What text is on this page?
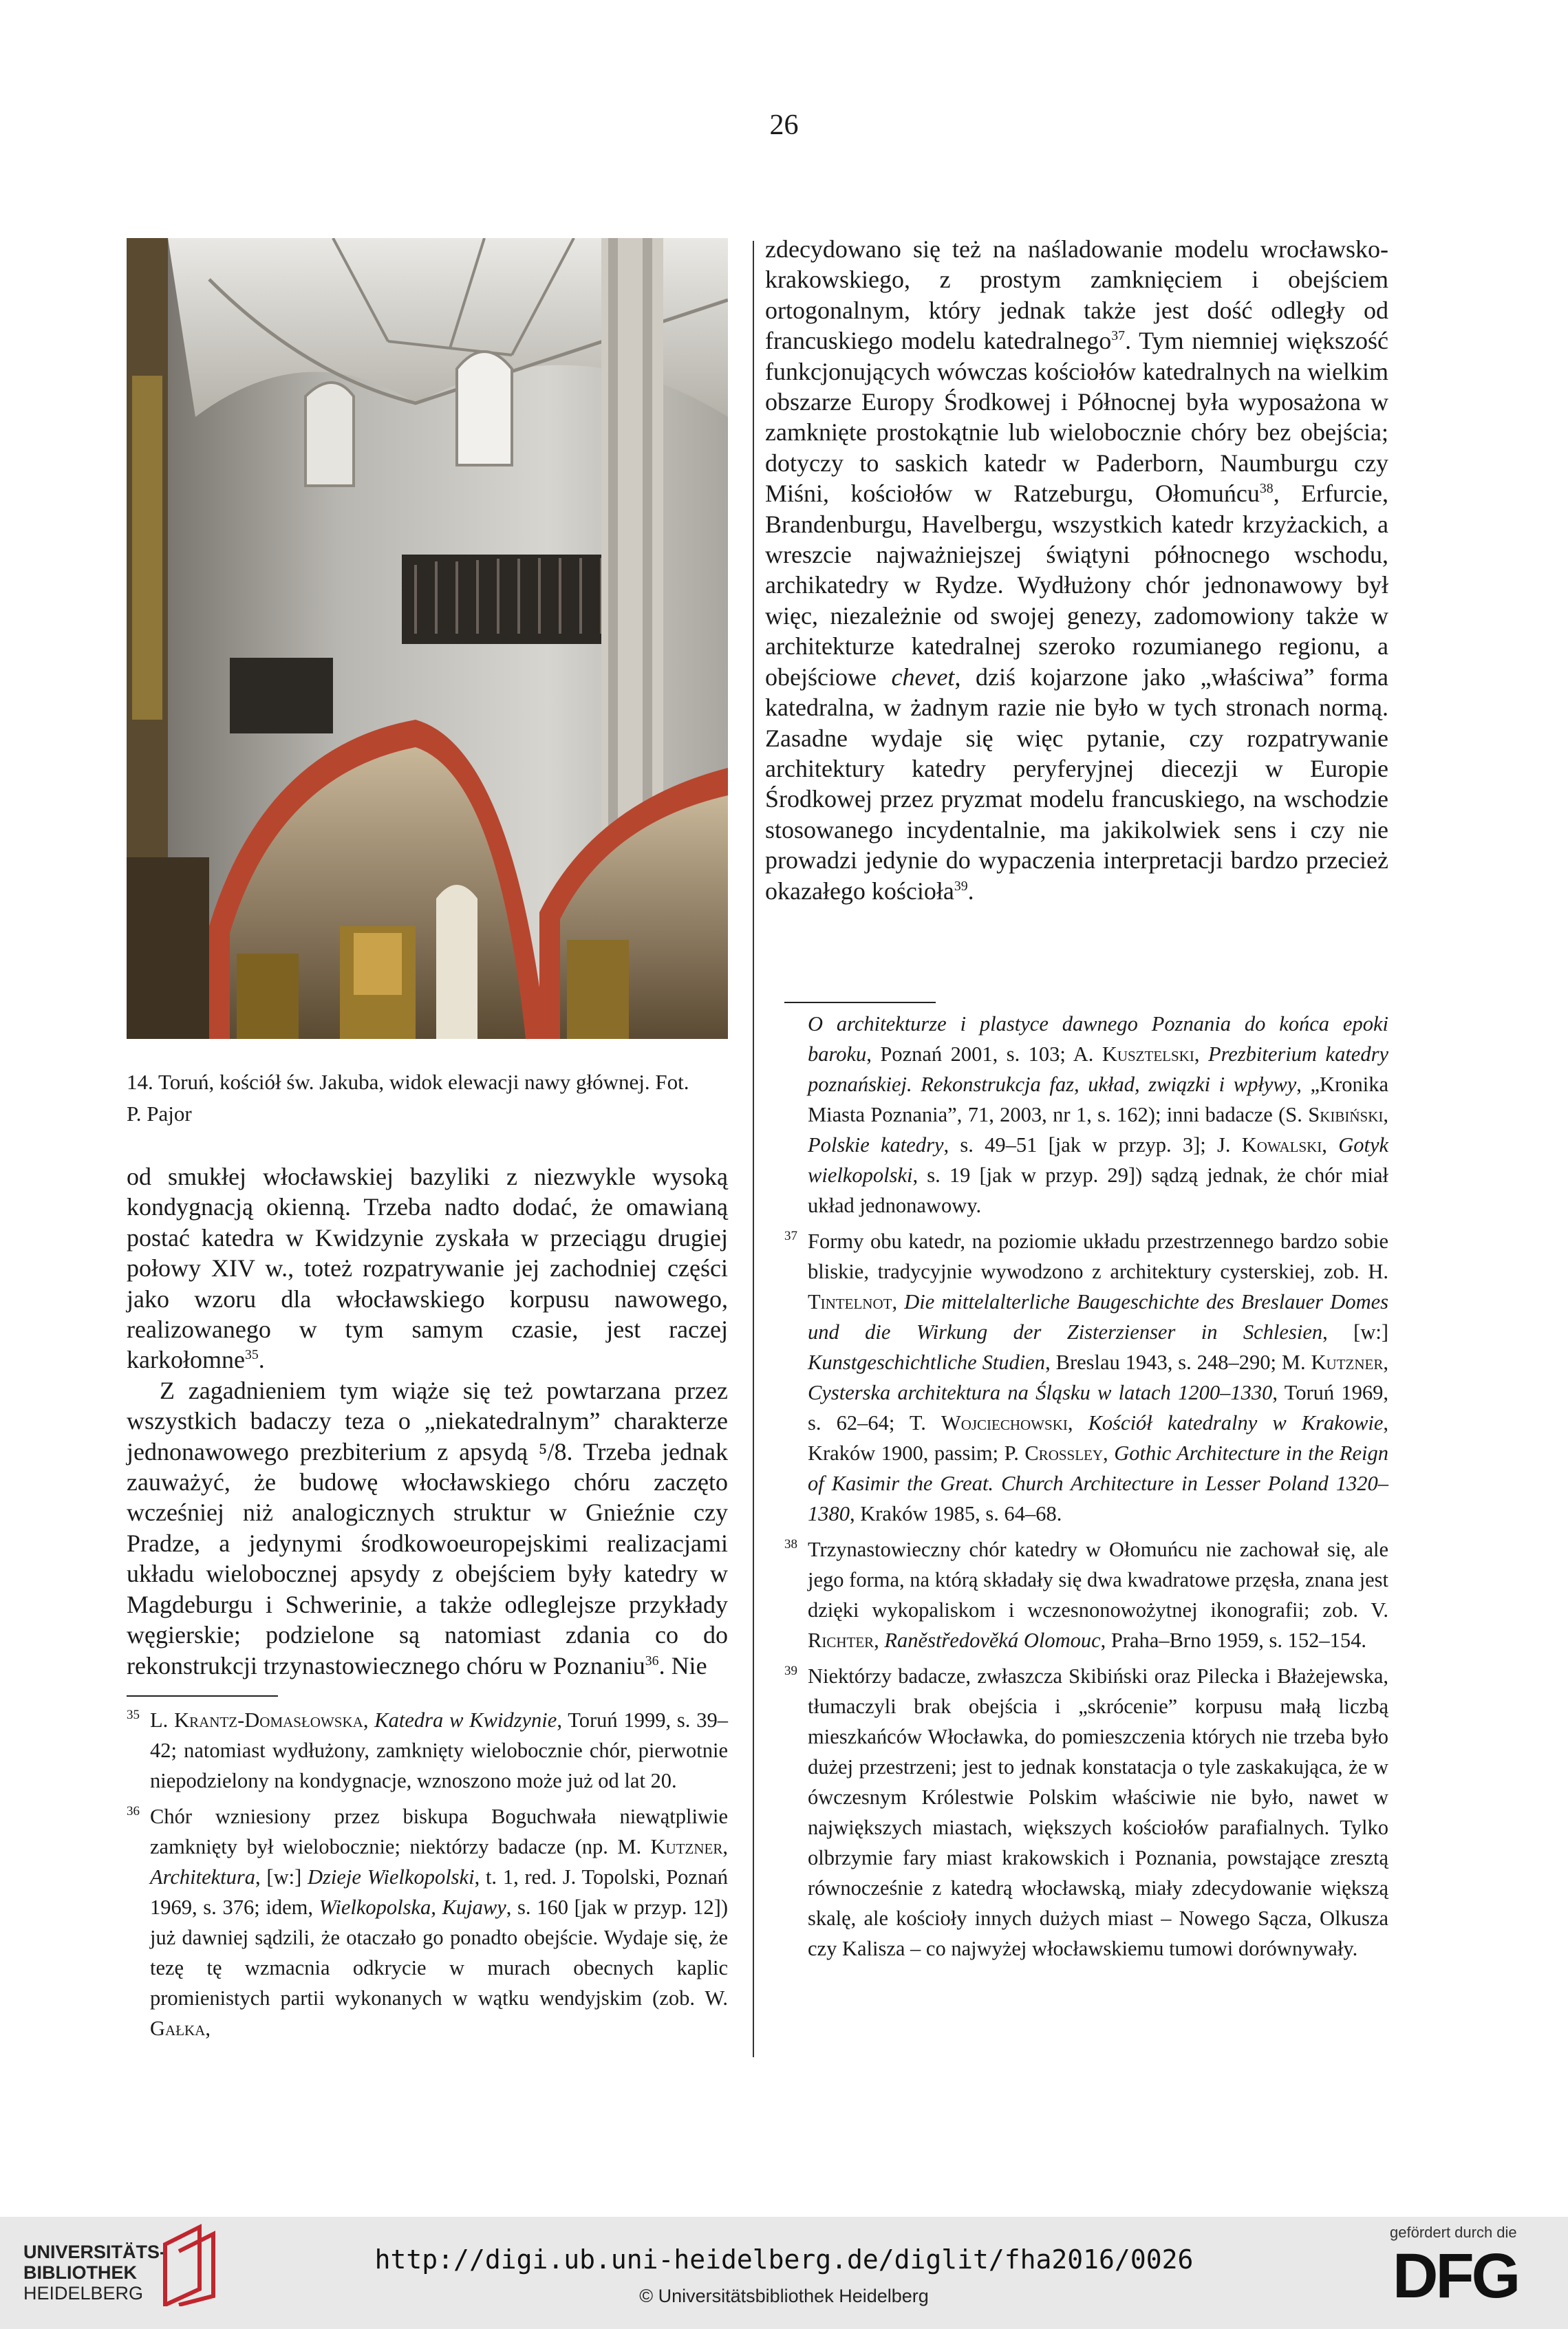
26
14. Toruń, kościół św. Jakuba, widok elewacji nawy głównej. Fot.
P. Pajor

od smukłej włocławskiej bazyliki z niezwykle wysoką kondygnacją okienną. Trzeba nadto dodać, że omawianą postać katedra w Kwidzynie zyskała w przeciągu drugiej połowy XIV w., toteż rozpatrywanie jej zachodniej części jako wzoru dla włocławskiego korpusu nawowego, realizowanego w tym samym czasie, jest raczej karkołomne$^{35}$.

Z zagadnieniem tym wiąże się też powtarzana przez wszystkich badaczy teza o „niekatedralnym” charakterze jednonawowego prezbiterium z apsydą ⁵/8. Trzeba jednak zauważyć, że budowę włocławskiego chóru zaczęto wcześniej niż analogicznych struktur w Gnieźnie czy Pradze, a jedynymi środkowoeuropejskimi realizacjami układu wielobocznej apsydy z obejściem były katedry w Magdeburgu i Schwerinie, a także odleglejsze przykłady węgierskie; podzielone są natomiast zdania co do rekonstrukcji trzynastowiecznego chóru w Poznaniu$^{36}$. Nie

35 L. Krantz-Domasłowska, Katedra w Kwidzynie, Toruń 1999, s. 39–42; natomiast wydłużony, zamknięty wielobocznie chór, pierwotnie niepodzielony na kondygnacje, wznoszono może już od lat 20.
36 Chór wzniesiony przez biskupa Boguchwała niewątpliwie zamknięty był wielobocznie; niektórzy badacze (np. M. Kutzner, Architektura, [w:] Dzieje Wielkopolski, t. 1, red. J. Topolski, Poznań 1969, s. 376; idem, Wielkopolska, Kujawy, s. 160 [jak w przyp. 12]) już dawniej sądzili, że otaczało go ponadto obejście. Wydaje się, że tezę tę wzmacnia odkrycie w murach obecnych kaplic promienistych partii wykonanych w wątku wendyjskim (zob. W. Gałka,

zdecydowano się też na naśladowanie modelu wrocławsko-krakowskiego, z prostym zamknięciem i obejściem ortogonalnym, który jednak także jest dość odległy od francuskiego modelu katedralnego$^{37}$. Tym niemniej większość funkcjonujących wówczas kościołów katedralnych na wielkim obszarze Europy Środkowej i Północnej była wyposażona w zamknięte prostokątnie lub wielobocznie chóry bez obejścia; dotyczy to saskich katedr w Paderborn, Naumburgu czy Miśni, kościołów w Ratzeburgu, Ołomuńcu$^{38}$, Erfurcie, Brandenburgu, Havelbergu, wszystkich katedr krzyżackich, a wreszcie najważniejszej świątyni północnego wschodu, archikatedry w Rydze. Wydłużony chór jednonawowy był więc, niezależnie od swojej genezy, zadomowiony także w architekturze katedralnej szeroko rozumianego regionu, a obejściowe chevet, dziś kojarzone jako „właściwa” forma katedralna, w żadnym razie nie było w tych stronach normą. Zasadne wydaje się więc pytanie, czy rozpatrywanie architektury katedry peryferyjnej diecezji w Europie Środkowej przez pryzmat modelu francuskiego, na wschodzie stosowanego incydentalnie, ma jakikolwiek sens i czy nie prowadzi jedynie do wypaczenia interpretacji bardzo przecież okazałego kościoła$^{39}$.

O architekturze i plastyce dawnego Poznania do końca epoki baroku, Poznań 2001, s. 103; A. Kusztelski, Prezbiterium katedry poznańskiej. Rekonstrukcja faz, układ, związki i wpływy, „Kronika Miasta Poznania”, 71, 2003, nr 1, s. 162); inni badacze (S. Skibiński, Polskie katedry, s. 49–51 [jak w przyp. 3]; J. Kowalski, Gotyk wielkopolski, s. 19 [jak w przyp. 29]) sądzą jednak, że chór miał układ jednonawowy.
37 Formy obu katedr, na poziomie układu przestrzennego bardzo sobie bliskie, tradycyjnie wywodzono z architektury cysterskiej, zob. H. Tintelnot, Die mittelalterliche Baugeschichte des Breslauer Domes und die Wirkung der Zisterzienser in Schlesien, [w:] Kunstgeschichtliche Studien, Breslau 1943, s. 248–290; M. Kutzner, Cysterska architektura na Śląsku w latach 1200–1330, Toruń 1969, s. 62–64; T. Wojciechowski, Kościół katedralny w Krakowie, Kraków 1900, passim; P. Crossley, Gothic Architecture in the Reign of Kasimir the Great. Church Architecture in Lesser Poland 1320–1380, Kraków 1985, s. 64–68.
38 Trzynastowieczny chór katedry w Ołomuńcu nie zachował się, ale jego forma, na którą składały się dwa kwadratowe przęsła, znana jest dzięki wykopaliskom i wczesnonowożytnej ikonografii; zob. V. Richter, Raněstředověká Olomouc, Praha–Brno 1959, s. 152–154.
39 Niektórzy badacze, zwłaszcza Skibiński oraz Pilecka i Błażejewska, tłumaczyli brak obejścia i „skrócenie” korpusu małą liczbą mieszkańców Włocławka, do pomieszczenia których nie trzeba było dużej przestrzeni; jest to jednak konstatacja o tyle zaskakująca, że w ówczesnym Królestwie Polskim właściwie nie było, nawet w największych miastach, większych kościołów parafialnych. Tylko olbrzymie fary miast krakowskich i Poznania, powstające zresztą równocześnie z katedrą włocławską, miały zdecydowanie większą skalę, ale kościoły innych dużych miast – Nowego Sącza, Olkusza czy Kalisza – co najwyżej włocławskiemu tumowi dorównywały.
UNIVERSITÄTS-
BIBLIOTHEK
HEIDELBERG
http://digi.ub.uni-heidelberg.de/diglit/fha2016/0026
© Universitätsbibliothek Heidelberg
gefördert durch die
DFG
